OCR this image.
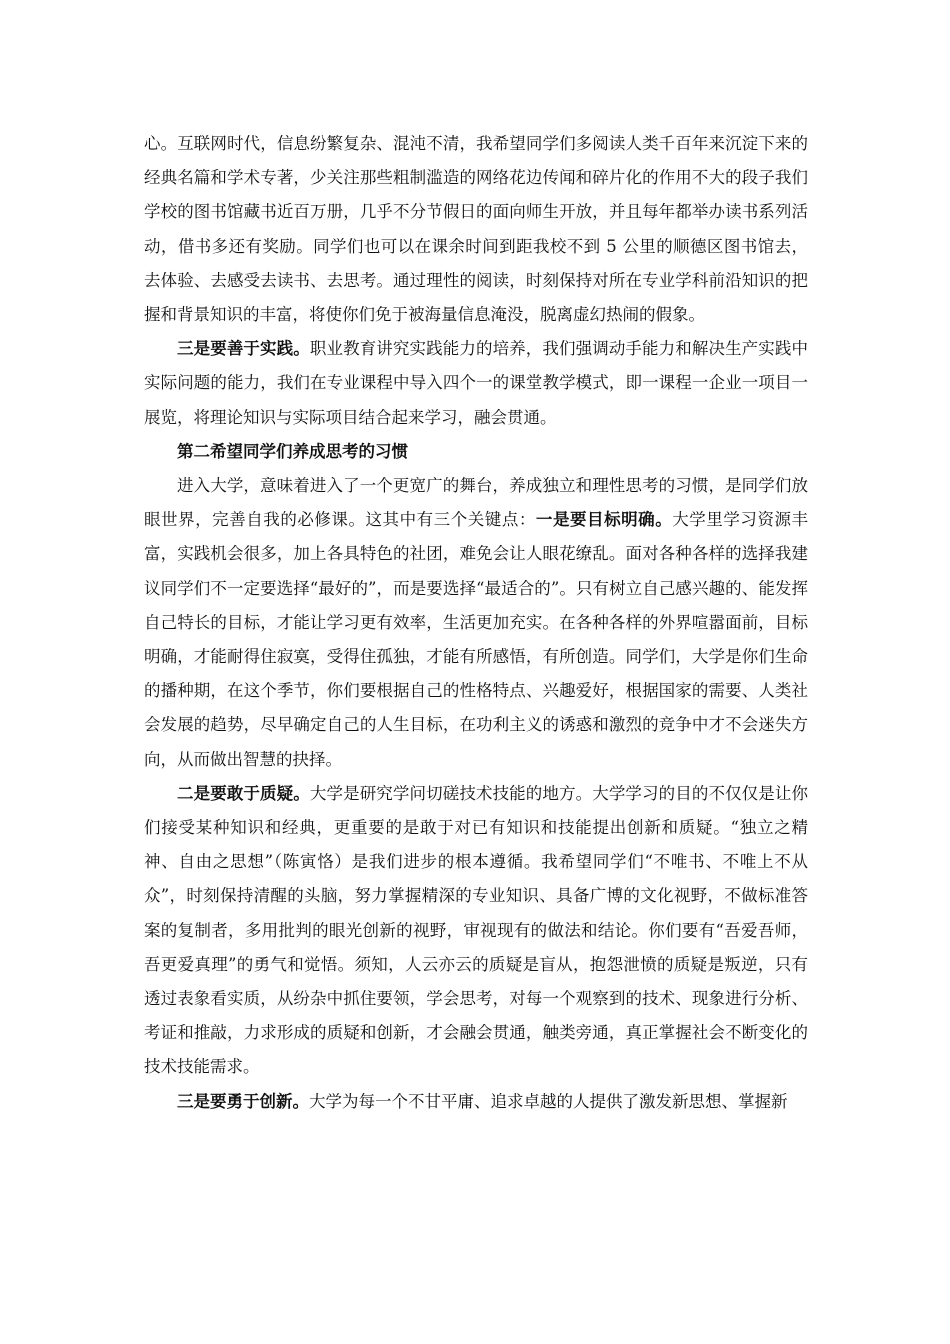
心。互联网时代，信息纷繁复杂、混沌不清，我希望同学们多阅读人类千百年来沉淀下来的经典名篇和学术专著，少关注那些粗制滥造的网络花边传闻和碎片化的作用不大的段子我们学校的图书馆藏书近百万册，几乎不分节假日的面向师生开放，并且每年都举办读书系列活动，借书多还有奖励。同学们也可以在课余时间到距我校不到 5 公里的顺德区图书馆去，去体验、去感受去读书、去思考。通过理性的阅读，时刻保持对所在专业学科前沿知识的把握和背景知识的丰富，将使你们免于被海量信息淹没，脱离虚幻热闹的假象。

三是要善于实践。职业教育讲究实践能力的培养，我们强调动手能力和解决生产实践中实际问题的能力，我们在专业课程中导入四个一的课堂教学模式，即一课程一企业一项目一展览，将理论知识与实际项目结合起来学习，融会贯通。

第二希望同学们养成思考的习惯

进入大学，意味着进入了一个更宽广的舞台，养成独立和理性思考的习惯，是同学们放眼世界，完善自我的必修课。这其中有三个关键点：一是要目标明确。大学里学习资源丰富，实践机会很多，加上各具特色的社团，难免会让人眼花缭乱。面对各种各样的选择我建议同学们不一定要选择“最好的”，而是要选择“最适合的”。只有树立自己感兴趣的、能发挥自己特长的目标，才能让学习更有效率，生活更加充实。在各种各样的外界喧嚣面前，目标明确，才能耐得住寂寞，受得住孤独，才能有所感悟，有所创造。同学们，大学是你们生命的播种期，在这个季节，你们要根据自己的性格特点、兴趣爱好，根据国家的需要、人类社会发展的趋势，尽早确定自己的人生目标，在功利主义的诱惑和激烈的竞争中才不会迷失方向，从而做出智慧的抉择。

二是要敢于质疑。大学是研究学问切磋技术技能的地方。大学学习的目的不仅仅是让你们接受某种知识和经典，更重要的是敢于对已有知识和技能提出创新和质疑。“独立之精神、自由之思想”（陈寅恪）是我们进步的根本遵循。我希望同学们“不唯书、不唯上不从众”，时刻保持清醒的头脑，努力掌握精深的专业知识、具备广博的文化视野，不做标准答案的复制者，多用批判的眼光创新的视野，审视现有的做法和结论。你们要有“吾爱吾师，吾更爱真理”的勇气和觉悟。须知，人云亦云的质疑是盲从，抱怨泄愤的质疑是叛逆，只有透过表象看实质，从纷杂中抓住要领，学会思考，对每一个观察到的技术、现象进行分析、考证和推敲，力求形成的质疑和创新，才会融会贯通，触类旁通，真正掌握社会不断变化的技术技能需求。

三是要勇于创新。大学为每一个不甘平庸、追求卓越的人提供了激发新思想、掌握新
